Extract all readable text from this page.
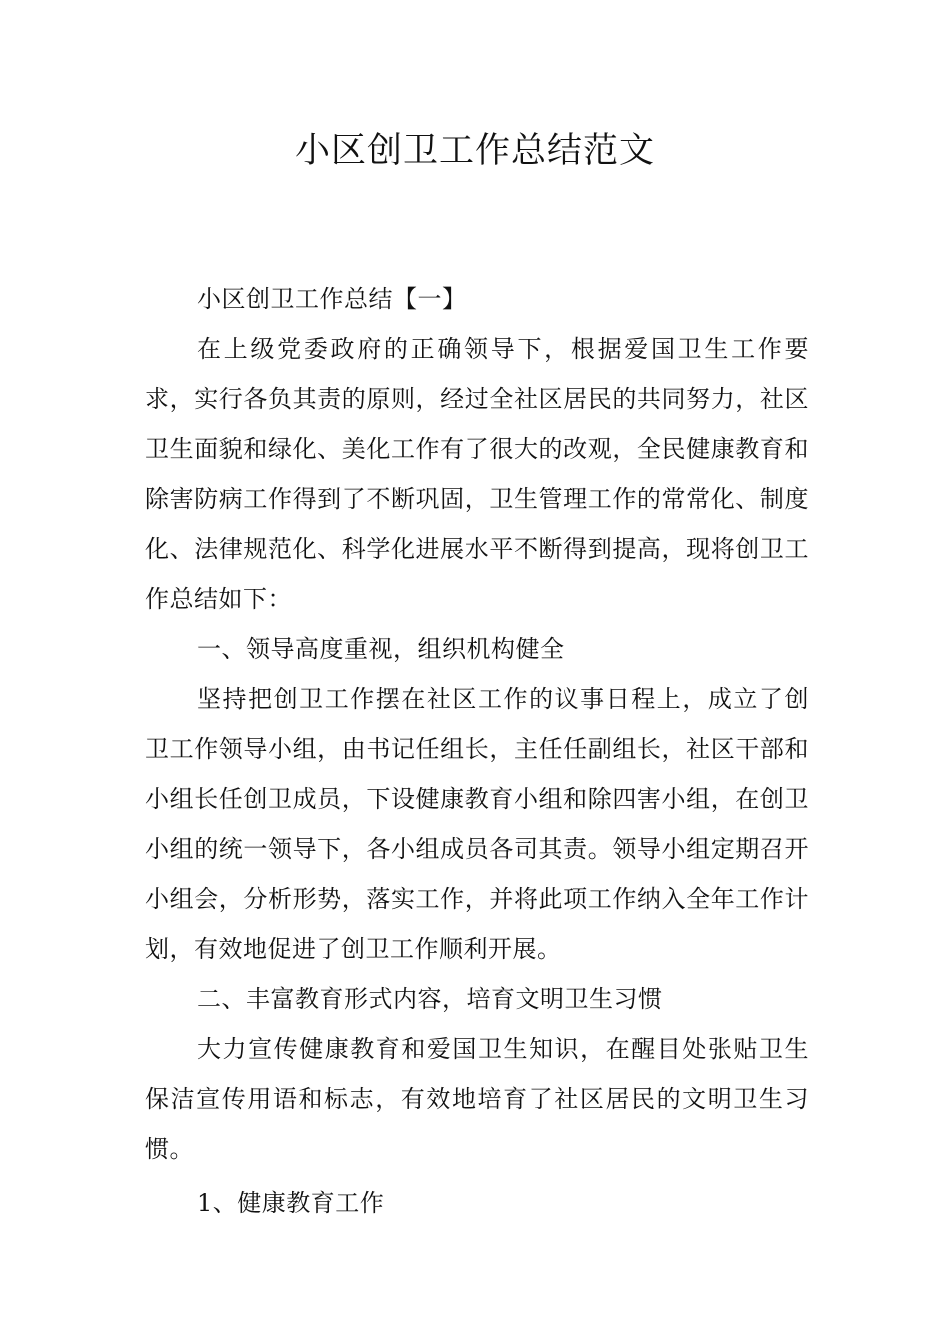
小区创卫工作总结范文

小区创卫工作总结【一】

在上级党委政府的正确领导下，根据爱国卫生工作要求，实行各负其责的原则，经过全社区居民的共同努力，社区卫生面貌和绿化、美化工作有了很大的改观，全民健康教育和除害防病工作得到了不断巩固，卫生管理工作的常常化、制度化、法律规范化、科学化进展水平不断得到提高，现将创卫工作总结如下：

一、领导高度重视，组织机构健全

坚持把创卫工作摆在社区工作的议事日程上，成立了创卫工作领导小组，由书记任组长，主任任副组长，社区干部和小组长任创卫成员，下设健康教育小组和除四害小组，在创卫小组的统一领导下，各小组成员各司其责。领导小组定期召开小组会，分析形势，落实工作，并将此项工作纳入全年工作计划，有效地促进了创卫工作顺利开展。

二、丰富教育形式内容，培育文明卫生习惯

大力宣传健康教育和爱国卫生知识，在醒目处张贴卫生保洁宣传用语和标志，有效地培育了社区居民的文明卫生习惯。

1、健康教育工作
